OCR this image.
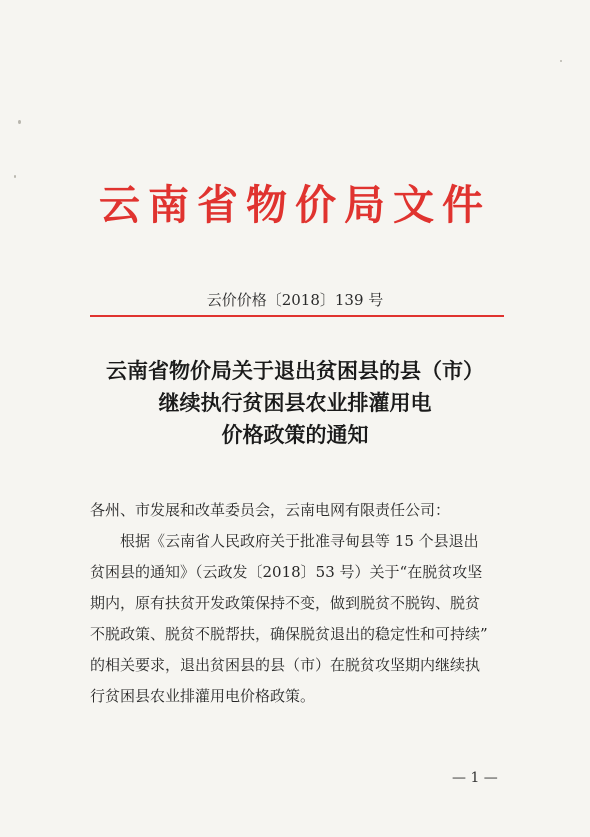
云南省物价局文件
云价价格〔2018〕139 号
云南省物价局关于退出贫困县的县（市）
继续执行贫困县农业排灌用电
价格政策的通知
各州、市发展和改革委员会，云南电网有限责任公司：
　　根据《云南省人民政府关于批准寻甸县等 15 个县退出
贫困县的通知》（云政发〔2018〕53 号）关于“在脱贫攻坚
期内，原有扶贫开发政策保持不变，做到脱贫不脱钩、脱贫
不脱政策、脱贫不脱帮扶，确保脱贫退出的稳定性和可持续”
的相关要求，退出贫困县的县（市）在脱贫攻坚期内继续执
行贫困县农业排灌用电价格政策。
— 1 —
